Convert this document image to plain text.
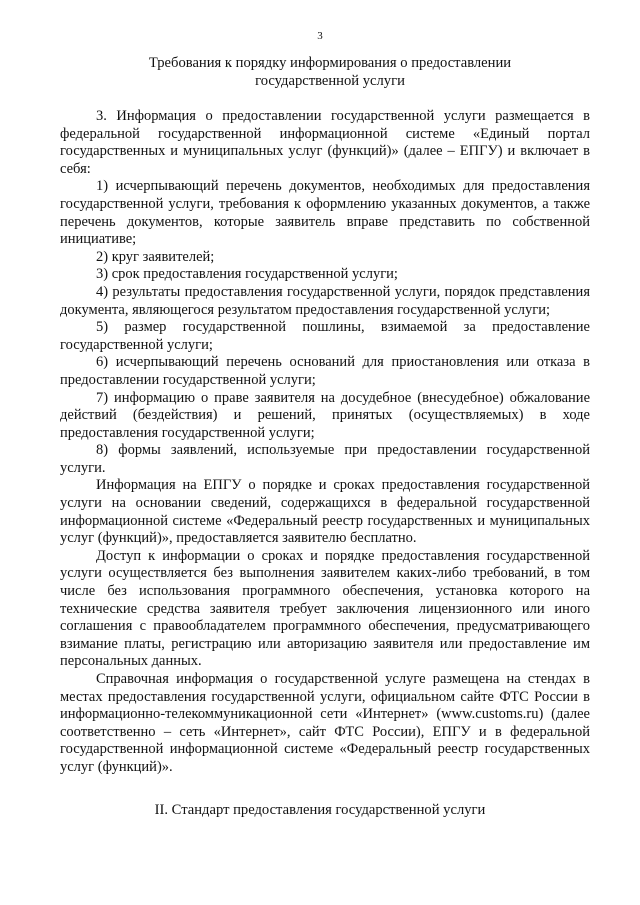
3
Требования к порядку информирования о предоставлении государственной услуги

3. Информация о предоставлении государственной услуги размещается в федеральной государственной информационной системе «Единый портал государственных и муниципальных услуг (функций)» (далее – ЕПГУ) и включает в себя:

1) исчерпывающий перечень документов, необходимых для предоставления государственной услуги, требования к оформлению указанных документов, а также перечень документов, которые заявитель вправе представить по собственной инициативе;

2) круг заявителей;

3) срок предоставления государственной услуги;

4) результаты предоставления государственной услуги, порядок представления документа, являющегося результатом предоставления государственной услуги;

5) размер государственной пошлины, взимаемой за предоставление государственной услуги;

6) исчерпывающий перечень оснований для приостановления или отказа в предоставлении государственной услуги;

7) информацию о праве заявителя на досудебное (внесудебное) обжалование действий (бездействия) и решений, принятых (осуществляемых) в ходе предоставления государственной услуги;

8) формы заявлений, используемые при предоставлении государственной услуги.

Информация на ЕПГУ о порядке и сроках предоставления государственной услуги на основании сведений, содержащихся в федеральной государственной информационной системе «Федеральный реестр государственных и муниципальных услуг (функций)», предоставляется заявителю бесплатно.

Доступ к информации о сроках и порядке предоставления государственной услуги осуществляется без выполнения заявителем каких-либо требований, в том числе без использования программного обеспечения, установка которого на технические средства заявителя требует заключения лицензионного или иного соглашения с правообладателем программного обеспечения, предусматривающего взимание платы, регистрацию или авторизацию заявителя или предоставление им персональных данных.

Справочная информация о государственной услуге размещена на стендах в местах предоставления государственной услуги, официальном сайте ФТС России в информационно-телекоммуникационной сети «Интернет» (www.customs.ru) (далее соответственно – сеть «Интернет», сайт ФТС России), ЕПГУ и в федеральной государственной информационной системе «Федеральный реестр государственных услуг (функций)».

II. Стандарт предоставления государственной услуги
